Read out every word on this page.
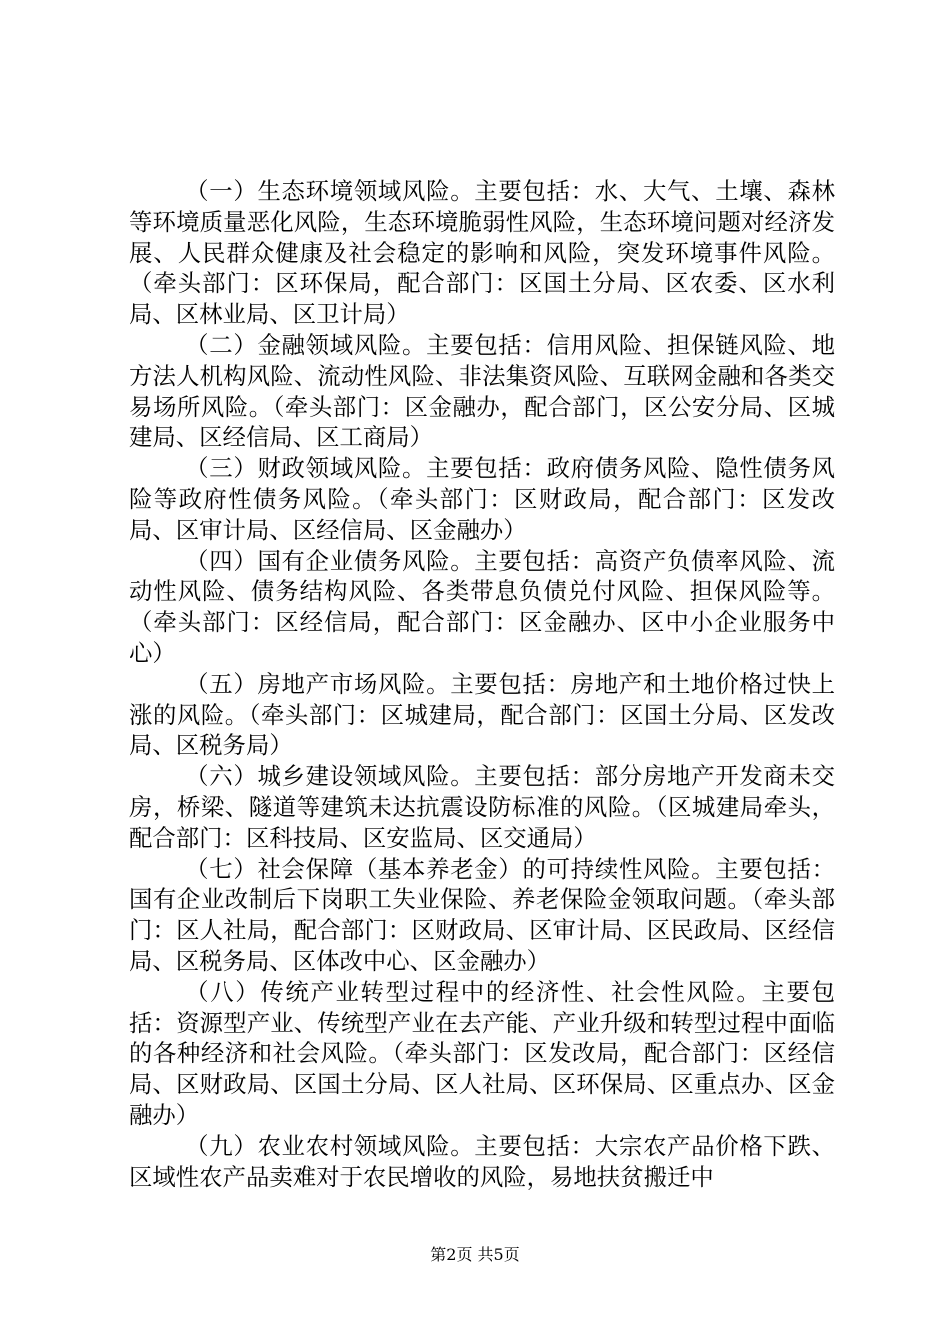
（一）生态环境领域风险。主要包括：水、大气、土壤、森林等环境质量恶化风险，生态环境脆弱性风险，生态环境问题对经济发展、人民群众健康及社会稳定的影响和风险，突发环境事件风险。（牵头部门：区环保局，配合部门：区国土分局、区农委、区水利局、区林业局、区卫计局）

（二）金融领域风险。主要包括：信用风险、担保链风险、地方法人机构风险、流动性风险、非法集资风险、互联网金融和各类交易场所风险。（牵头部门：区金融办，配合部门，区公安分局、区城建局、区经信局、区工商局）

（三）财政领域风险。主要包括：政府债务风险、隐性债务风险等政府性债务风险。（牵头部门：区财政局，配合部门：区发改局、区审计局、区经信局、区金融办）

（四）国有企业债务风险。主要包括：高资产负债率风险、流动性风险、债务结构风险、各类带息负债兑付风险、担保风险等。（牵头部门：区经信局，配合部门：区金融办、区中小企业服务中心）

（五）房地产市场风险。主要包括：房地产和土地价格过快上涨的风险。（牵头部门：区城建局，配合部门：区国土分局、区发改局、区税务局）

（六）城乡建设领域风险。主要包括：部分房地产开发商未交房，桥梁、隧道等建筑未达抗震设防标准的风险。（区城建局牵头，配合部门：区科技局、区安监局、区交通局）

（七）社会保障（基本养老金）的可持续性风险。主要包括：国有企业改制后下岗职工失业保险、养老保险金领取问题。（牵头部门：区人社局，配合部门：区财政局、区审计局、区民政局、区经信局、区税务局、区体改中心、区金融办）

（八）传统产业转型过程中的经济性、社会性风险。主要包括：资源型产业、传统型产业在去产能、产业升级和转型过程中面临的各种经济和社会风险。（牵头部门：区发改局，配合部门：区经信局、区财政局、区国土分局、区人社局、区环保局、区重点办、区金融办）

（九）农业农村领域风险。主要包括：大宗农产品价格下跌、区域性农产品卖难对于农民增收的风险，易地扶贫搬迁中

第2页 共5页
